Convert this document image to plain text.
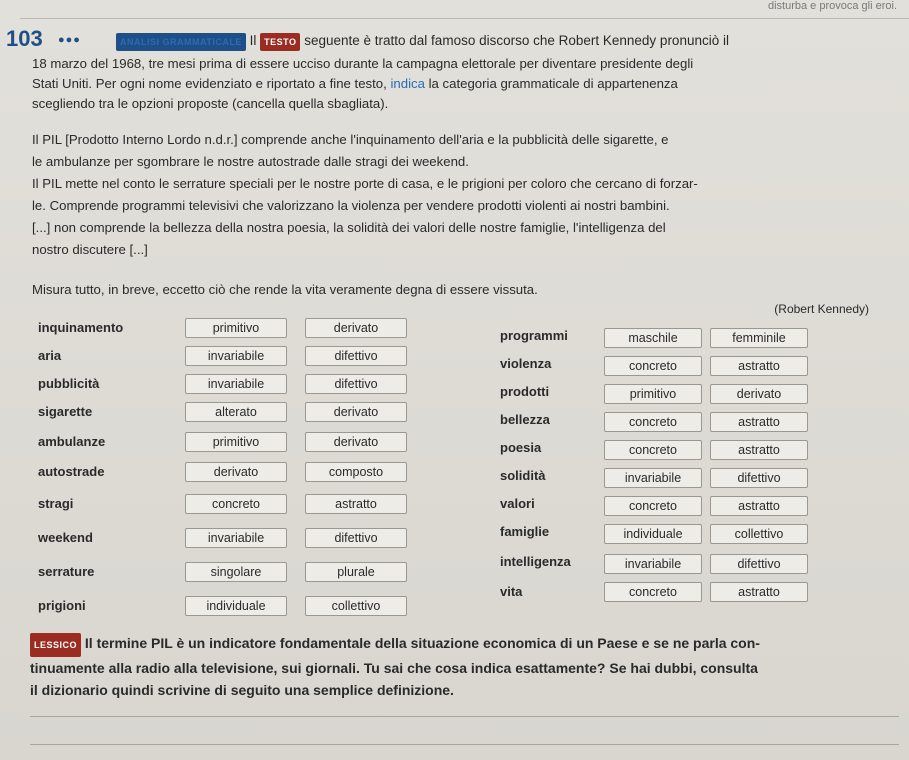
disturba e provoca gli eroi.
103 ●●●	ANALISI GRAMMATICALE Il TESTO seguente è tratto dal famoso discorso che Robert Kennedy pronunciò il
18 marzo del 1968, tre mesi prima di essere ucciso durante la campagna elettorale per diventare presidente degli
Stati Uniti. Per ogni nome evidenziato e riportato a fine testo, indica la categoria grammaticale di appartenenza
scegliendo tra le opzioni proposte (cancella quella sbagliata).
Il PIL [Prodotto Interno Lordo n.d.r.] comprende anche l'inquinamento dell'aria e la pubblicità delle sigarette, e
le ambulanze per sgombrare le nostre autostrade dalle stragi dei weekend.
Il PIL mette nel conto le serrature speciali per le nostre porte di casa, e le prigioni per coloro che cercano di forzar-
le. Comprende programmi televisivi che valorizzano la violenza per vendere prodotti violenti ai nostri bambini.
[...] non comprende la bellezza della nostra poesia, la solidità dei valori delle nostre famiglie, l'intelligenza del
nostro discutere [...]
Misura tutto, in breve, eccetto ciò che rende la vita veramente degna di essere vissuta.
(Robert Kennedy)
inquinamento	primitivo	derivato
aria	invariabile	difettivo
pubblicità	invariabile	difettivo
sigarette	alterato	derivato
ambulanze	primitivo	derivato
autostrade	derivato	composto
stragi	concreto	astratto
weekend	invariabile	difettivo
serrature	singolare	plurale
prigioni	individuale	collettivo
programmi	maschile	femminile
violenza	concreto	astratto
prodotti	primitivo	derivato
bellezza	concreto	astratto
poesia	concreto	astratto
solidità	invariabile	difettivo
valori	concreto	astratto
famiglie	individuale	collettivo
intelligenza	invariabile	difettivo
vita	concreto	astratto
LESSICO Il termine PIL è un indicatore fondamentale della situazione economica di un Paese e se ne parla con-
tinuamente alla radio alla televisione, sui giornali. Tu sai che cosa indica esattamente? Se hai dubbi, consulta
il dizionario quindi scrivine di seguito una semplice definizione.
